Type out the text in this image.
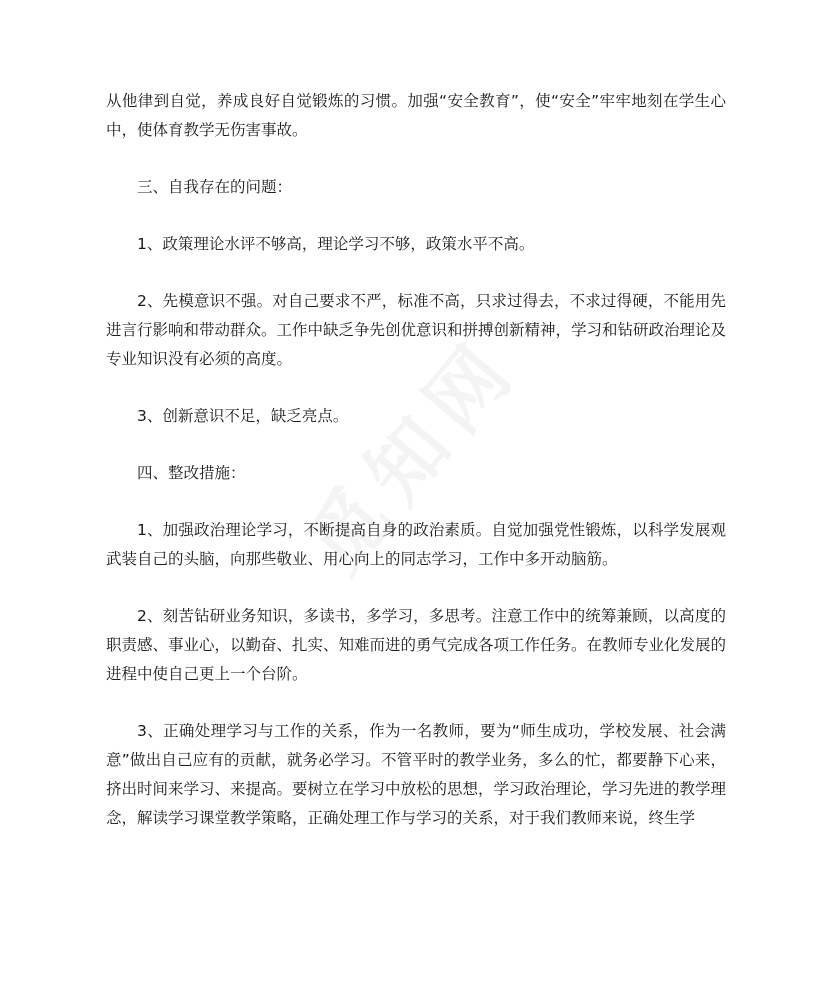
从他律到自觉，养成良好自觉锻炼的习惯。加强“安全教育”，使“安全”牢牢地刻在学生心中，使体育教学无伤害事故。

三、自我存在的问题：

1、政策理论水评不够高，理论学习不够，政策水平不高。

2、先模意识不强。对自己要求不严，标准不高，只求过得去，不求过得硬，不能用先进言行影响和带动群众。工作中缺乏争先创优意识和拼搏创新精神，学习和钻研政治理论及专业知识没有必须的高度。

3、创新意识不足，缺乏亮点。

四、整改措施：

1、加强政治理论学习，不断提高自身的政治素质。自觉加强党性锻炼，以科学发展观武装自己的头脑，向那些敬业、用心向上的同志学习，工作中多开动脑筋。

2、刻苦钻研业务知识，多读书，多学习，多思考。注意工作中的统筹兼顾，以高度的职责感、事业心，以勤奋、扎实、知难而进的勇气完成各项工作任务。在教师专业化发展的进程中使自己更上一个台阶。

3、正确处理学习与工作的关系，作为一名教师，要为“师生成功，学校发展、社会满意”做出自己应有的贡献，就务必学习。不管平时的教学业务，多么的忙，都要静下心来，挤出时间来学习、来提高。要树立在学习中放松的思想，学习政治理论，学习先进的教学理念，解读学习课堂教学策略，正确处理工作与学习的关系，对于我们教师来说，终生学
